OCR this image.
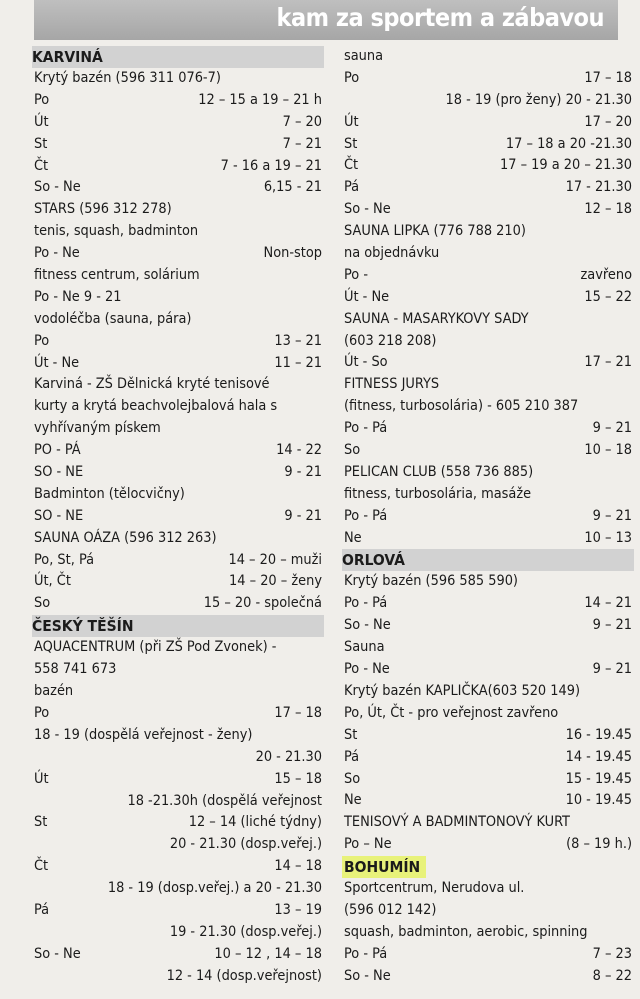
kam za sportem a zábavou
KARVINÁ
Krytý bazén (596 311 076-7)
Po	12 – 15 a 19 – 21 h
Út	7 – 20
St	7 – 21
Čt	7 - 16 a 19 – 21
So - Ne	6,15 - 21
STARS (596 312 278)
tenis, squash, badminton
Po - Ne	Non-stop
fitness centrum, solárium
Po - Ne 9 - 21
vodoléčba (sauna, pára)
Po	13 – 21
Út - Ne	11 – 21
Karviná - ZŠ Dělnická kryté tenisové
kurty a krytá beachvolejbalová hala s
vyhřívaným pískem
PO - PÁ	14 - 22
SO - NE	9 - 21
Badminton (tělocvičny)
SO - NE	9 - 21
SAUNA OÁZA (596 312 263)
Po, St, Pá	14 – 20 – muži
Út, Čt	14 – 20 – ženy
So	15 – 20 - společná
ČESKÝ TĚŠÍN
AQUACENTRUM (při ZŠ Pod Zvonek) -
558 741 673
bazén
Po	17 – 18
18 - 19 (dospělá veřejnost - ženy)
20 - 21.30
Út	15 – 18
18 -21.30h (dospělá veřejnost
St	12 – 14 (liché týdny)
20 - 21.30 (dosp.veřej.)
Čt	14 – 18
18 - 19 (dosp.veřej.) a 20 - 21.30
Pá	13 – 19
19 - 21.30 (dosp.veřej.)
So - Ne	10 – 12 , 14 – 18
12 - 14 (dosp.veřejnost)
sauna
Po	17 – 18
18 - 19 (pro ženy) 20 - 21.30
Út	17 – 20
St	17 – 18 a 20 -21.30
Čt	17 – 19 a 20 – 21.30
Pá	17 - 21.30
So - Ne	12 – 18
SAUNA LIPKA (776 788 210)
na objednávku
Po -	zavřeno
Út - Ne	15 – 22
SAUNA - MASARYKOVY SADY
(603 218 208)
Út - So	17 – 21
FITNESS JURYS
(fitness, turbosolária) - 605 210 387
Po - Pá	9 – 21
So	10 – 18
PELICAN CLUB (558 736 885)
fitness, turbosolária, masáže
Po - Pá	9 – 21
Ne	10 – 13
ORLOVÁ
Krytý bazén (596 585 590)
Po - Pá	14 – 21
So - Ne	9 – 21
Sauna
Po - Ne	9 – 21
Krytý bazén KAPLIČKA(603 520 149)
Po, Út, Čt - pro veřejnost zavřeno
St	16 - 19.45
Pá	14 - 19.45
So	15 - 19.45
Ne	10 - 19.45
TENISOVÝ A BADMINTONOVÝ KURT
Po – Ne	(8 – 19 h.)
BOHUMÍN
Sportcentrum, Nerudova ul.
(596 012 142)
squash, badminton, aerobic, spinning
Po - Pá	7 – 23
So - Ne	8 – 22
